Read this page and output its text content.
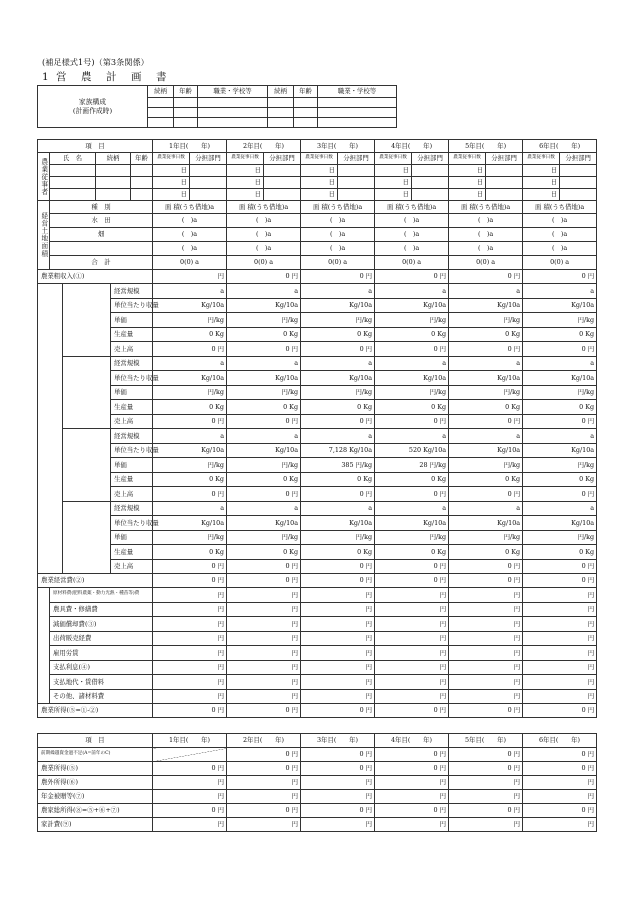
(補足様式1号)（第3条関係）
1 営　農　計　画　書
家族構成
(計画作成時)	続柄	年齢	職業・学校等	続柄	年齢	職業・学校等

項　目						1年目(　　年)		2年目(　　年)		3年目(　　年)		4年目(　　年)		5年目(　　年)		6年目(　　年)	
農業従事者	氏　名		続柄		年齢	農業従事日数	分担部門	農業従事日数	分担部門	農業従事日数	分担部門	農業従事日数	分担部門	農業従事日数	分担部門	農業従事日数	分担部門
						日		日		日		日		日		日	
						日		日		日		日		日		日	
						日		日		日		日		日		日	
経営土地面積	種　別					面 積(うち借地)a		面 積(うち借地)a		面 積(うち借地)a		面 積(うち借地)a		面 積(うち借地)a		面 積(うち借地)a	
	水　田					(　)a		(　)a		(　)a		(　)a		(　)a		(　)a	
	畑					(　)a		(　)a		(　)a		(　)a		(　)a		(　)a	
						(　)a		(　)a		(　)a		(　)a		(　)a		(　)a	
	合　計					0(0) a		0(0) a		0(0) a		0(0) a		0(0) a		0(0) a	
農業粗収入(①)						円		0 円		0 円		0 円		0 円		0 円	
				経営規模		a		a		a		a		a		a	
				単位当たり収量		Kg/10a		Kg/10a		Kg/10a		Kg/10a		Kg/10a		Kg/10a	
				単価		円/kg		円/kg		円/kg		円/kg		円/kg		円/kg	
				生産量		0 Kg		0 Kg		0 Kg		0 Kg		0 Kg		0 Kg	
				売上高		0 円		0 円		0 円		0 円		0 円		0 円	
				経営規模		a		a		a		a		a		a	
				単位当たり収量		Kg/10a		Kg/10a		Kg/10a		Kg/10a		Kg/10a		Kg/10a	
				単価		円/kg		円/kg		円/kg		円/kg		円/kg		円/kg	
				生産量		0 Kg		0 Kg		0 Kg		0 Kg		0 Kg		0 Kg	
				売上高		0 円		0 円		0 円		0 円		0 円		0 円	
				経営規模		a		a		a		a		a		a	
				単位当たり収量		Kg/10a		Kg/10a		7,128 Kg/10a		520 Kg/10a		Kg/10a		Kg/10a	
				単価		円/kg		円/kg		385 円/kg		28 円/kg		円/kg		円/kg	
				生産量		0 Kg		0 Kg		0 Kg		0 Kg		0 Kg		0 Kg	
				売上高		0 円		0 円		0 円		0 円		0 円		0 円	
				経営規模		a		a		a		a		a		a	
				単位当たり収量		Kg/10a		Kg/10a		Kg/10a		Kg/10a		Kg/10a		Kg/10a	
				単価		円/kg		円/kg		円/kg		円/kg		円/kg		円/kg	
				生産量		0 Kg		0 Kg		0 Kg		0 Kg		0 Kg		0 Kg	
				売上高		0 円		0 円		0 円		0 円		0 円		0 円	
農業経営費(②)						0 円		0 円		0 円		0 円		0 円		0 円	
	原材料費(肥料農薬・動力光熱・種苗等)費					円		円		円		円		円		円	
	農具費・修繕費					円		円		円		円		円		円	
	減価償却費(③)					円		円		円		円		円		円	
	出荷販売経費					円		円		円		円		円		円	
	雇用労賃					円		円		円		円		円		円	
	支払利息(④)					円		円		円		円		円		円	
	支払地代・賃借料					円		円		円		円		円		円	
	その他、諸材料費					円		円		円		円		円		円	
農業所得(⑤=①-②)						0 円		0 円		0 円		0 円		0 円		0 円	
項　目	1年目(　　年)	2年目(　　年)	3年目(　　年)	4年目(　　年)	5年目(　　年)	6年目(　　年)
前期繰越資金過不足(A=前年のC)		0 円	0 円	0 円	0 円	0 円
農業所得(⑤)	0 円	0 円	0 円	0 円	0 円	0 円
農外所得(⑥)	円	円	円	円	円	円
年金被贈等(⑦)	円	円	円	円	円	円
農家総所得(⑧=⑤+⑥+⑦)	0 円	0 円	0 円	0 円	0 円	0 円
家計費(⑨)	円	円	円	円	円	円
